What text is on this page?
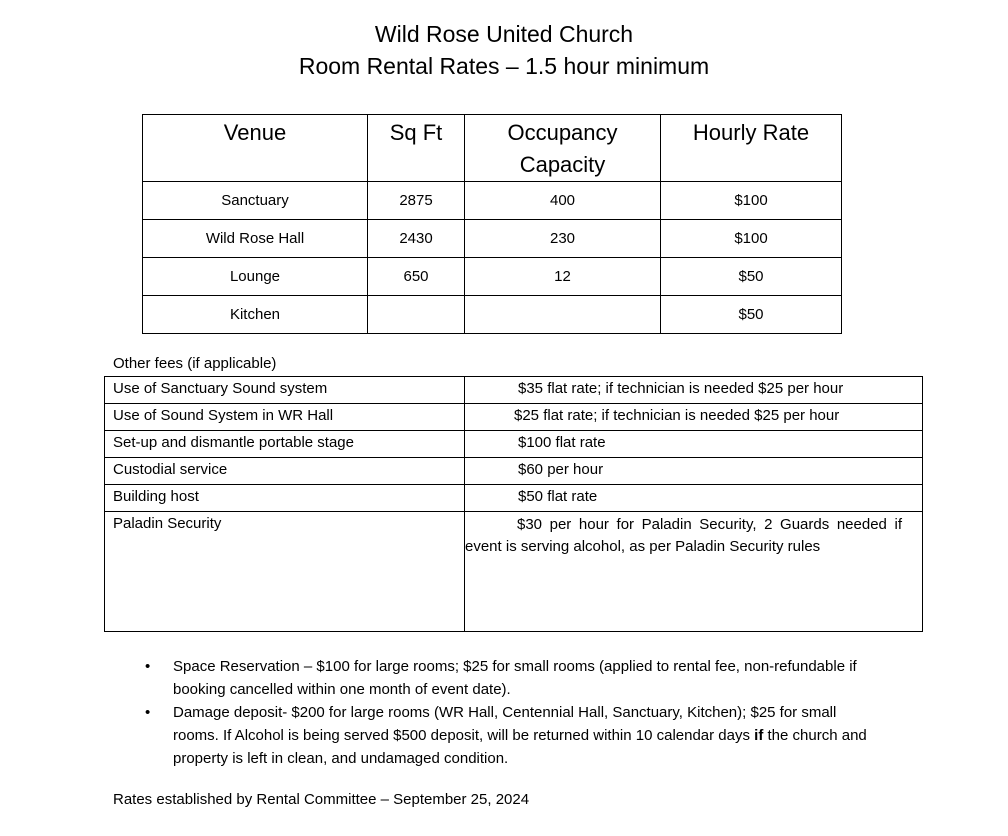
Wild Rose United Church
Room Rental Rates – 1.5 hour minimum
Venue	Sq Ft	Occupancy Capacity	Hourly Rate
Sanctuary	2875	400	$100
Wild Rose Hall	2430	230	$100
Lounge	650	12	$50
Kitchen			$50
Other fees (if applicable)
Use of Sanctuary Sound system	$35 flat rate; if technician is needed $25 per hour
Use of Sound System in WR Hall	$25 flat rate; if technician is needed $25 per hour
Set-up and dismantle portable stage	$100 flat rate
Custodial service	$60 per hour
Building host	$50 flat rate
Paladin Security	$30 per hour for Paladin Security, 2 Guards needed if event is serving alcohol, as per Paladin Security rules
• Space Reservation – $100 for large rooms; $25 for small rooms (applied to rental fee, non-refundable if booking cancelled within one month of event date).
• Damage deposit- $200 for large rooms (WR Hall, Centennial Hall, Sanctuary, Kitchen); $25 for small rooms. If Alcohol is being served $500 deposit, will be returned within 10 calendar days if the church and property is left in clean, and undamaged condition.
Rates established by Rental Committee – September 25, 2024
